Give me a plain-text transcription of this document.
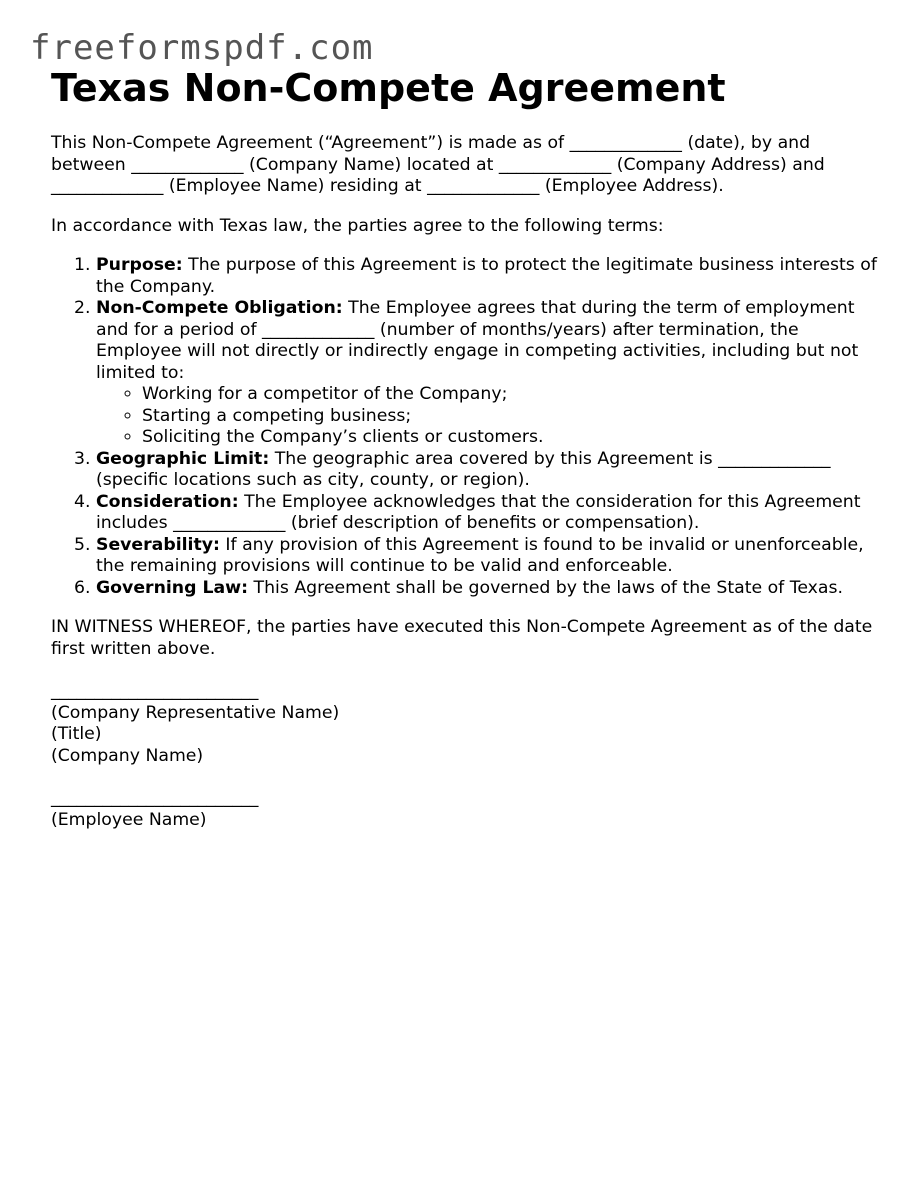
freeformspdf.com
Texas Non-Compete Agreement

This Non-Compete Agreement (“Agreement”) is made as of _____________ (date), by and between _____________ (Company Name) located at _____________ (Company Address) and _____________ (Employee Name) residing at _____________ (Employee Address).

In accordance with Texas law, the parties agree to the following terms:

1. Purpose: The purpose of this Agreement is to protect the legitimate business interests of the Company.
2. Non-Compete Obligation: The Employee agrees that during the term of employment and for a period of _____________ (number of months/years) after termination, the Employee will not directly or indirectly engage in competing activities, including but not limited to:
◦ Working for a competitor of the Company;
◦ Starting a competing business;
◦ Soliciting the Company’s clients or customers.
3. Geographic Limit: The geographic area covered by this Agreement is _____________ (specific locations such as city, county, or region).
4. Consideration: The Employee acknowledges that the consideration for this Agreement includes _____________ (brief description of benefits or compensation).
5. Severability: If any provision of this Agreement is found to be invalid or unenforceable, the remaining provisions will continue to be valid and enforceable.
6. Governing Law: This Agreement shall be governed by the laws of the State of Texas.

IN WITNESS WHEREOF, the parties have executed this Non-Compete Agreement as of the date first written above.

________________________

(Company Representative Name)

(Title)

(Company Name)

________________________

(Employee Name)
